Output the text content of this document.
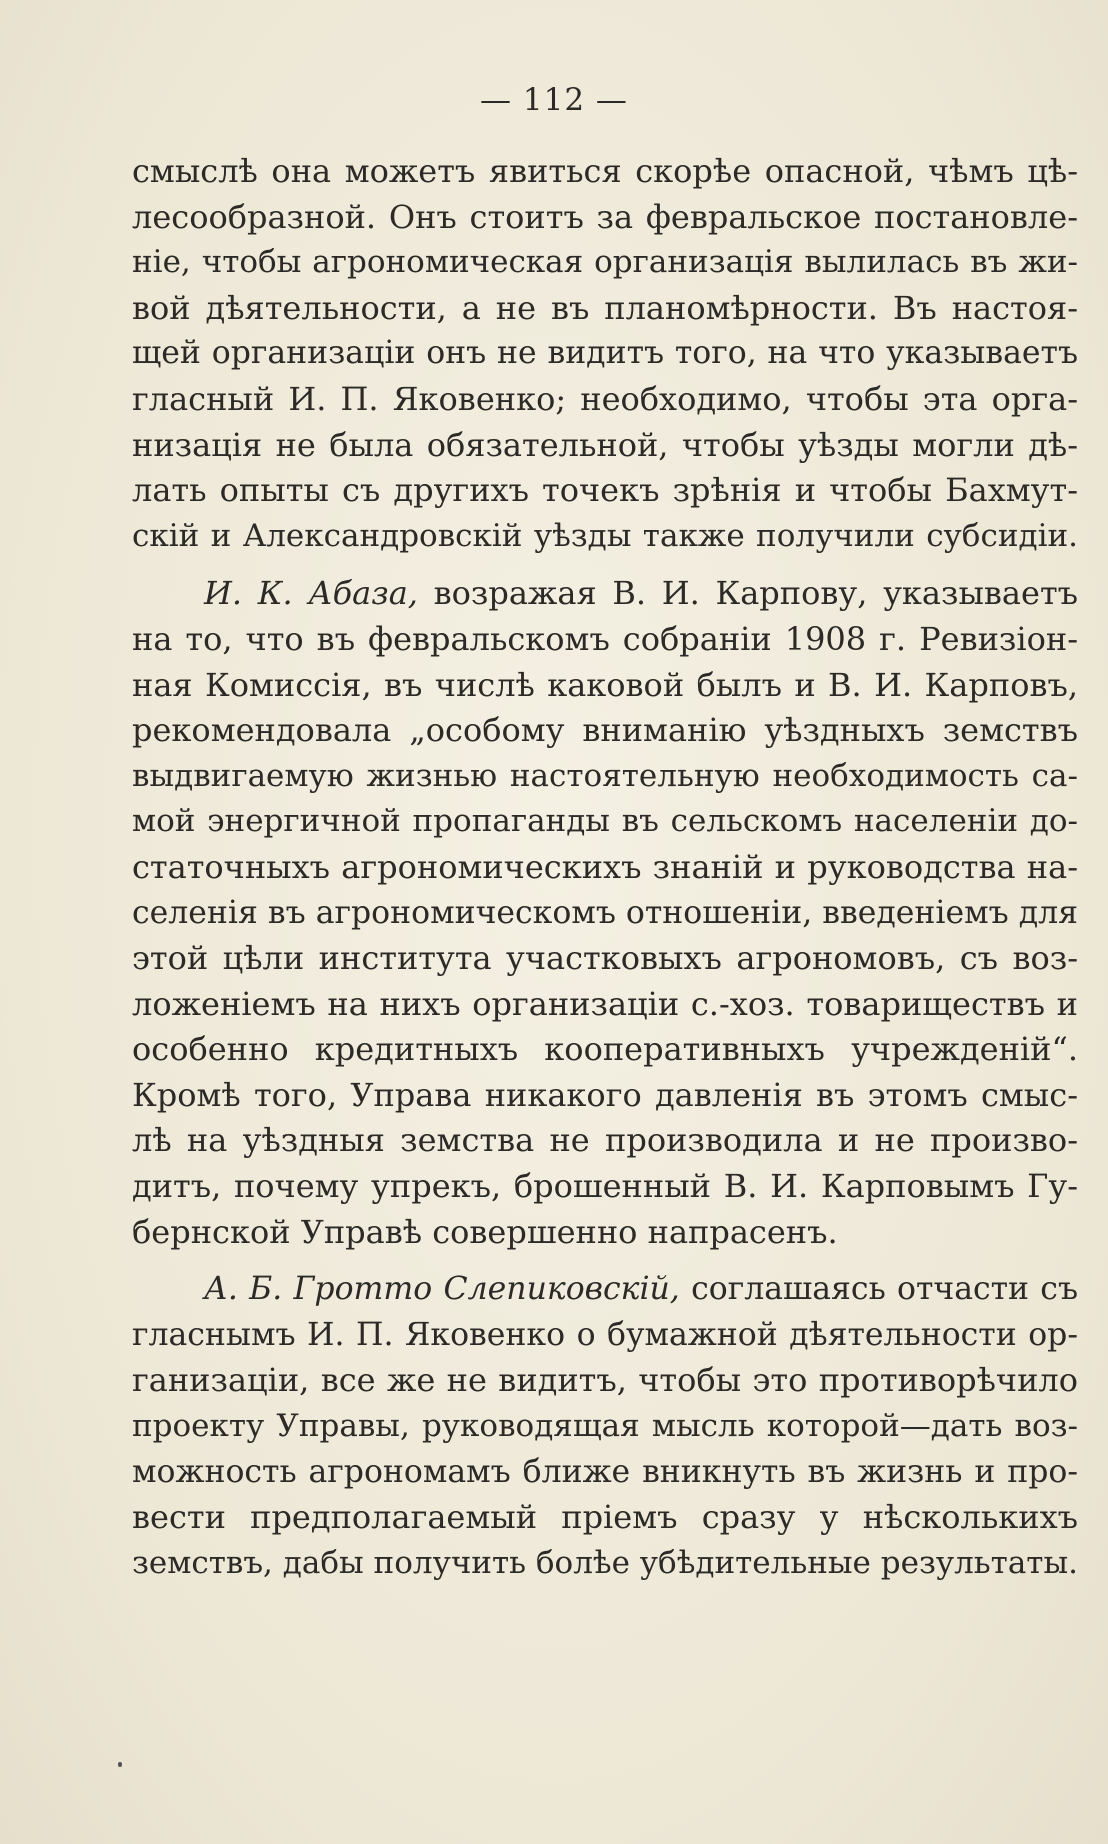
— 112 —
смыслѣ она можетъ явиться скорѣе опасной, чѣмъ цѣ-
лесообразной. Онъ стоитъ за февральское постановле-
ніе, чтобы агрономическая организація вылилась въ жи-
вой дѣятельности, а не въ планомѣрности. Въ настоя-
щей организаціи онъ не видитъ того, на что указываетъ
гласный И. П. Яковенко; необходимо, чтобы эта орга-
низація не была обязательной, чтобы уѣзды могли дѣ-
лать опыты съ другихъ точекъ зрѣнія и чтобы Бахмут-
скій и Александровскій уѣзды также получили субсидіи.
И. К. Абаза, возражая В. И. Карпову, указываетъ
на то, что въ февральскомъ собраніи 1908 г. Ревизіон-
ная Комиссія, въ числѣ каковой былъ и В. И. Карповъ,
рекомендовала „особому вниманію уѣздныхъ земствъ
выдвигаемую жизнью настоятельную необходимость са-
мой энергичной пропаганды въ сельскомъ населеніи до-
статочныхъ агрономическихъ знаній и руководства на-
селенія въ агрономическомъ отношеніи, введеніемъ для
этой цѣли института участковыхъ агрономовъ, съ воз-
ложеніемъ на нихъ организаціи с.-хоз. товариществъ и
особенно кредитныхъ кооперативныхъ учрежденій“.
Кромѣ того, Управа никакого давленія въ этомъ смыс-
лѣ на уѣздныя земства не производила и не произво-
дитъ, почему упрекъ, брошенный В. И. Карповымъ Гу-
бернской Управѣ совершенно напрасенъ.
А. Б. Гротто Слепиковскій, соглашаясь отчасти съ
гласнымъ И. П. Яковенко о бумажной дѣятельности ор-
ганизаціи, все же не видитъ, чтобы это противорѣчило
проекту Управы, руководящая мысль которой—дать воз-
можность агрономамъ ближе вникнуть въ жизнь и про-
вести предполагаемый пріемъ сразу у нѣсколькихъ
земствъ, дабы получить болѣе убѣдительные результаты.
